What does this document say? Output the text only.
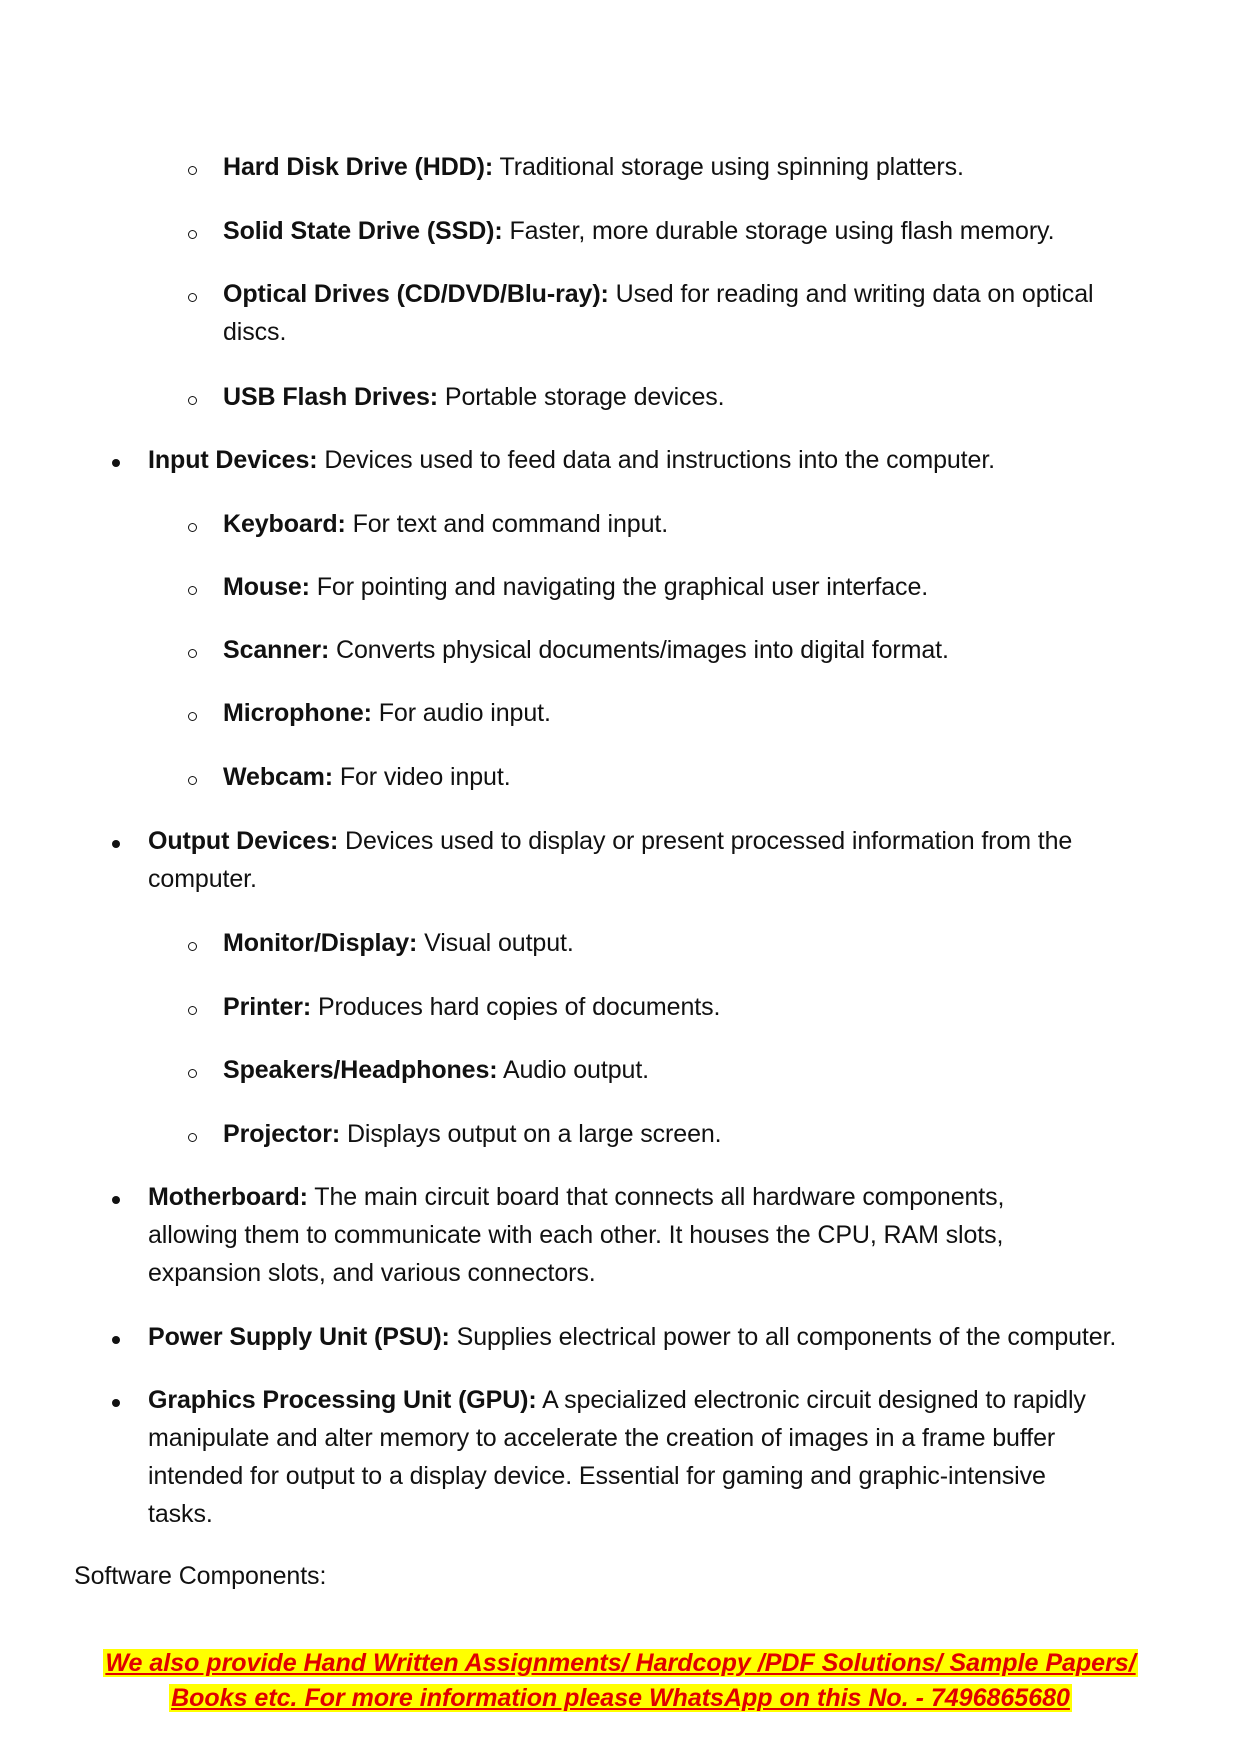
Hard Disk Drive (HDD): Traditional storage using spinning platters.
Solid State Drive (SSD): Faster, more durable storage using flash memory.
Optical Drives (CD/DVD/Blu-ray): Used for reading and writing data on optical
discs.
USB Flash Drives: Portable storage devices.
Input Devices: Devices used to feed data and instructions into the computer.
Keyboard: For text and command input.
Mouse: For pointing and navigating the graphical user interface.
Scanner: Converts physical documents/images into digital format.
Microphone: For audio input.
Webcam: For video input.
Output Devices: Devices used to display or present processed information from the
computer.
Monitor/Display: Visual output.
Printer: Produces hard copies of documents.
Speakers/Headphones: Audio output.
Projector: Displays output on a large screen.
Motherboard: The main circuit board that connects all hardware components,
allowing them to communicate with each other. It houses the CPU, RAM slots,
expansion slots, and various connectors.
Power Supply Unit (PSU): Supplies electrical power to all components of the computer.
Graphics Processing Unit (GPU): A specialized electronic circuit designed to rapidly
manipulate and alter memory to accelerate the creation of images in a frame buffer
intended for output to a display device. Essential for gaming and graphic-intensive
tasks.
Software Components:
We also provide Hand Written Assignments/ Hardcopy /PDF Solutions/ Sample Papers/
Books etc. For more information please WhatsApp on this No. - 7496865680
